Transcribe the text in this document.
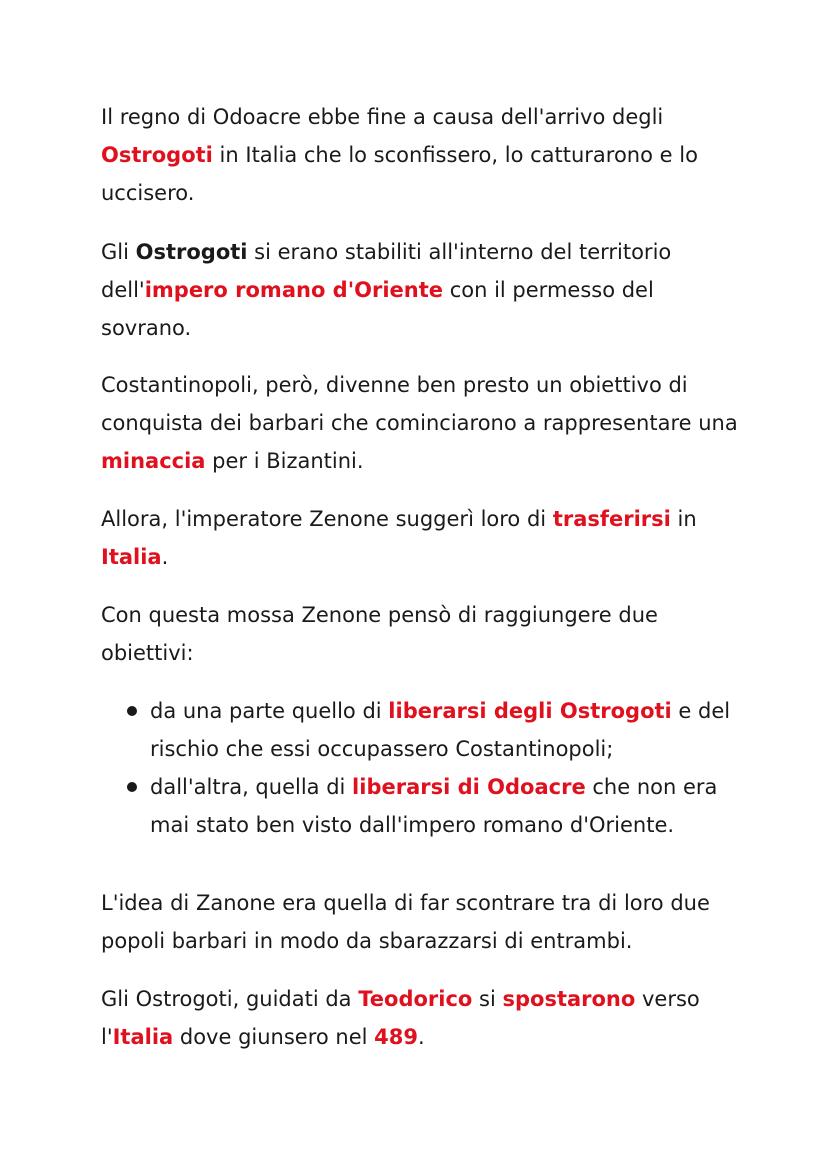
Il regno di Odoacre ebbe fine a causa dell'arrivo degli Ostrogoti in Italia che lo sconfissero, lo catturarono e lo uccisero.

Gli Ostrogoti si erano stabiliti all'interno del territorio dell'impero romano d'Oriente con il permesso del sovrano.

Costantinopoli, però, divenne ben presto un obiettivo di conquista dei barbari che cominciarono a rappresentare una minaccia per i Bizantini.

Allora, l'imperatore Zenone suggerì loro di trasferirsi in Italia.

Con questa mossa Zenone pensò di raggiungere due obiettivi:

da una parte quello di liberarsi degli Ostrogoti e del rischio che essi occupassero Costantinopoli;
dall'altra, quella di liberarsi di Odoacre che non era mai stato ben visto dall'impero romano d'Oriente.

L'idea di Zanone era quella di far scontrare tra di loro due popoli barbari in modo da sbarazzarsi di entrambi.

Gli Ostrogoti, guidati da Teodorico si spostarono verso l'Italia dove giunsero nel 489.
